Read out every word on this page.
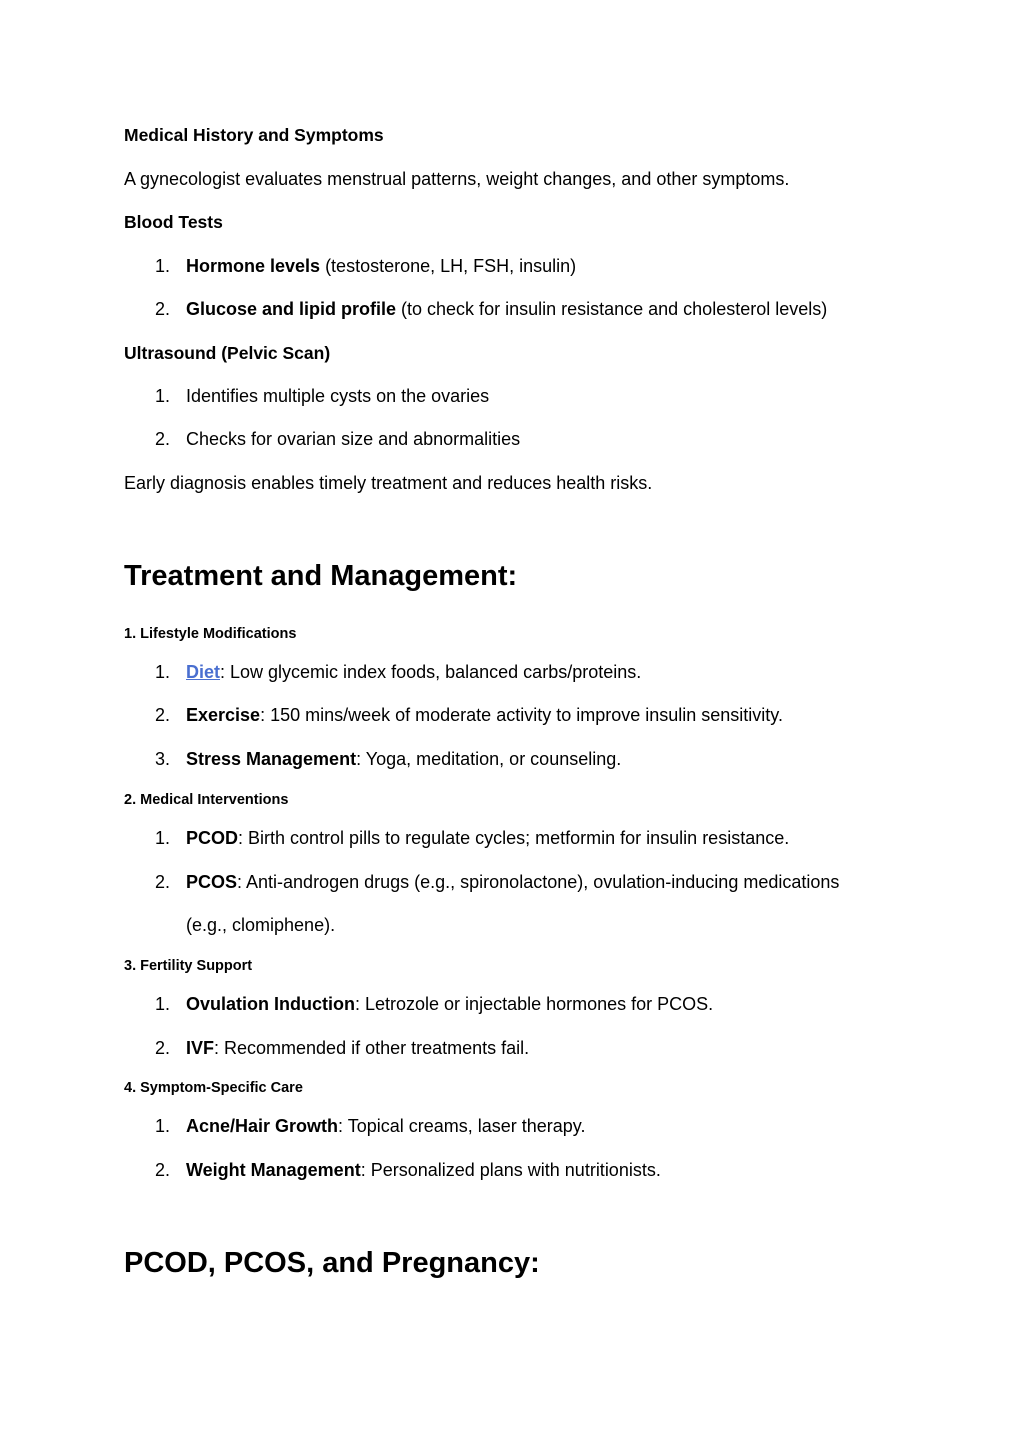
Medical History and Symptoms
A gynecologist evaluates menstrual patterns, weight changes, and other symptoms.
Blood Tests
1. Hormone levels (testosterone, LH, FSH, insulin)
2. Glucose and lipid profile (to check for insulin resistance and cholesterol levels)
Ultrasound (Pelvic Scan)
1. Identifies multiple cysts on the ovaries
2. Checks for ovarian size and abnormalities
Early diagnosis enables timely treatment and reduces health risks.
Treatment and Management:
1. Lifestyle Modifications
1. Diet: Low glycemic index foods, balanced carbs/proteins.
2. Exercise: 150 mins/week of moderate activity to improve insulin sensitivity.
3. Stress Management: Yoga, meditation, or counseling.
2. Medical Interventions
1. PCOD: Birth control pills to regulate cycles; metformin for insulin resistance.
2. PCOS: Anti-androgen drugs (e.g., spironolactone), ovulation-inducing medications
(e.g., clomiphene).
3. Fertility Support
1. Ovulation Induction: Letrozole or injectable hormones for PCOS.
2. IVF: Recommended if other treatments fail.
4. Symptom-Specific Care
1. Acne/Hair Growth: Topical creams, laser therapy.
2. Weight Management: Personalized plans with nutritionists.
PCOD, PCOS, and Pregnancy:
